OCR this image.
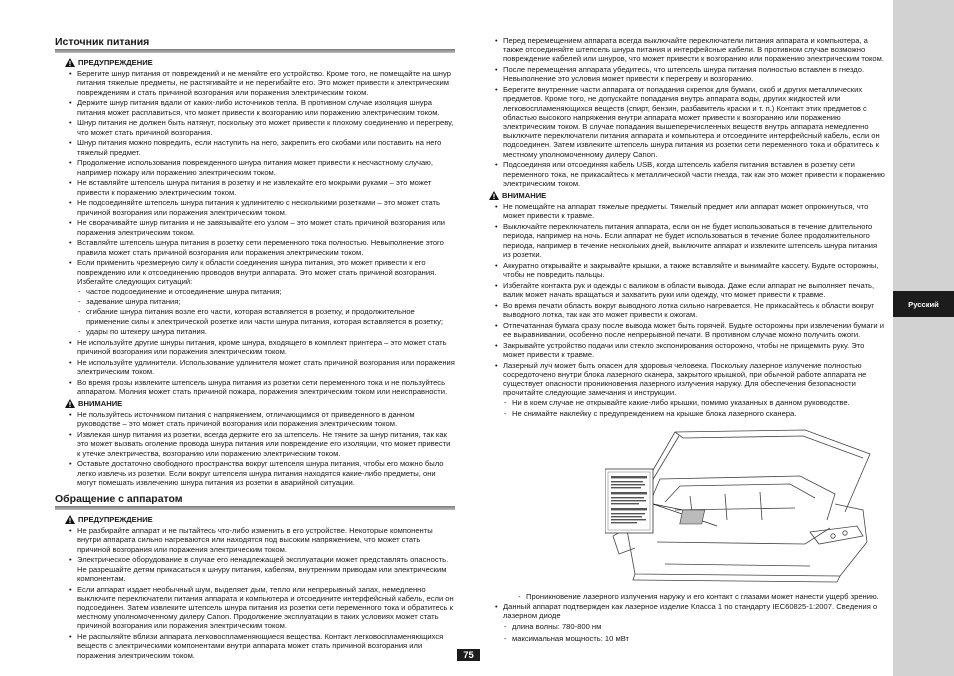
Источник питания
ПРЕДУПРЕЖДЕНИЕ
• Берегите шнур питания от повреждений и не меняйте его устройство. Кроме того, не помещайте на шнур питания тяжелые предметы, не растягивайте и не перегибайте его. Это может привести к электрическим повреждениям и стать причиной возгорания или поражения электрическим током.
• Держите шнур питания вдали от каких-либо источников тепла. В противном случае изоляция шнура питания может расплавиться, что может привести к возгоранию или поражению электрическим током.
• Шнур питания не должен быть натянут, поскольку это может привести к плохому соединению и перегреву, что может стать причиной возгорания.
• Шнур питания можно повредить, если наступить на него, закрепить его скобами или поставить на него тяжелый предмет.
• Продолжение использования поврежденного шнура питания может привести к несчастному случаю, например пожару или поражению электрическим током.
• Не вставляйте штепсель шнура питания в розетку и не извлекайте его мокрыми руками – это может привести к поражению электрическим током.
• Не подсоединяйте штепсель шнура питания к удлинителю с несколькими розетками – это может стать причиной возгорания или поражения электрическим током.
• Не сворачивайте шнур питания и не завязывайте его узлом – это может стать причиной возгорания или поражения электрическим током.
• Вставляйте штепсель шнура питания в розетку сети переменного тока полностью. Невыполнение этого правила может стать причиной возгорания или поражения электрическим током.
• Если применить чрезмерную силу к области соединения шнура питания, это может привести к его повреждению или к отсоединению проводов внутри аппарата. Это может стать причиной возгорания. Избегайте следующих ситуаций:
- частое подсоединение и отсоединение шнура питания;
- задевание шнура питания;
- сгибание шнура питания возле его части, которая вставляется в розетку, и продолжительное применение силы к электрической розетке или части шнура питания, которая вставляется в розетку;
- удары по штекеру шнура питания.
• Не используйте другие шнуры питания, кроме шнура, входящего в комплект принтера – это может стать причиной возгорания или поражения электрическим током.
• Не используйте удлинители. Использование удлинителя может стать причиной возгорания или поражения электрическим током.
• Во время грозы извлеките штепсель шнура питания из розетки сети переменного тока и не пользуйтесь аппаратом. Молния может стать причиной пожара, поражения электрическим током или неисправности.
ВНИМАНИЕ
• Не пользуйтесь источником питания с напряжением, отличающимся от приведенного в данном руководстве – это может стать причиной возгорания или поражения электрическим током.
• Извлекая шнур питания из розетки, всегда держите его за штепсель. Не тяните за шнур питания, так как это может вызвать оголение провода шнура питания или повреждение его изоляции, что может привести к утечке электричества, возгоранию или поражению электрическим током.
• Оставьте достаточно свободного пространства вокруг штепселя шнура питания, чтобы его можно было легко извлечь из розетки. Если вокруг штепселя шнура питания находятся какие-либо предметы, они могут помешать извлечению шнура питания из розетки в аварийной ситуации.
Обращение с аппаратом
ПРЕДУПРЕЖДЕНИЕ
• Не разбирайте аппарат и не пытайтесь что-либо изменить в его устройстве. Некоторые компоненты внутри аппарата сильно нагреваются или находятся под высоким напряжением, что может стать причиной возгорания или поражения электрическим током.
• Электрическое оборудование в случае его ненадлежащей эксплуатации может представлять опасность. Не разрешайте детям прикасаться к шнуру питания, кабелям, внутренним приводам или электрическим компонентам.
• Если аппарат издает необычный шум, выделяет дым, тепло или непрерывный запах, немедленно выключите переключатели питания аппарата и компьютера и отсоедините интерфейсный кабель, если он подсоединен. Затем извлеките штепсель шнура питания из розетки сети переменного тока и обратитесь к местному уполномоченному дилеру Canon. Продолжение эксплуатации в таких условиях может стать причиной возгорания или поражения электрическим током.
• Не распыляйте вблизи аппарата легковоспламеняющиеся вещества. Контакт легковоспламеняющихся веществ с электрическими компонентами внутри аппарата может стать причиной возгорания или поражения электрическим током.
• Перед перемещением аппарата всегда выключайте переключатели питания аппарата и компьютера, а также отсоединяйте штепсель шнура питания и интерфейсные кабели. В противном случае возможно повреждение кабелей или шнуров, что может привести к возгоранию или поражению электрическим током.
• После перемещения аппарата убедитесь, что штепсель шнура питания полностью вставлен в гнездо. Невыполнение это условия может привести к перегреву и возгоранию.
• Берегите внутренние части аппарата от попадания скрепок для бумаги, скоб и других металлических предметов. Кроме того, не допускайте попадания внутрь аппарата воды, других жидкостей или легковоспламеняющихся веществ (спирт, бензин, разбавитель краски и т. п.) Контакт этих предметов с областью высокого напряжения внутри аппарата может привести к возгоранию или поражению электрическим током. В случае попадания вышеперечисленных веществ внутрь аппарата немедленно выключите переключатели питания аппарата и компьютера и отсоедините интерфейсный кабель, если он подсоединен. Затем извлеките штепсель шнура питания из розетки сети переменного тока и обратитесь к местному уполномоченному дилеру Canon.
• Подсоединяя или отсоединяя кабель USB, когда штепсель кабеля питания вставлен в розетку сети переменного тока, не прикасайтесь к металлической части гнезда, так как это может привести к поражению электрическим током.
ВНИМАНИЕ
• Не помещайте на аппарат тяжелые предметы. Тяжелый предмет или аппарат может опрокинуться, что может привести к травме.
• Выключайте переключатель питания аппарата, если он не будет использоваться в течение длительного периода, например на ночь. Если аппарат не будет использоваться в течение более продолжительного периода, например в течение нескольких дней, выключите аппарат и извлеките штепсель шнура питания из розетки.
• Аккуратно открывайте и закрывайте крышки, а также вставляйте и вынимайте кассету. Будьте осторожны, чтобы не повредить пальцы.
• Избегайте контакта рук и одежды с валиком в области вывода. Даже если аппарат не выполняет печать, валик может начать вращаться и захватить руки или одежду, что может привести к травме.
• Во время печати область вокруг выводного лотка сильно нагревается. Не прикасайтесь к области вокруг выводного лотка, так как это может привести к ожогам.
• Отпечатанная бумага сразу после вывода может быть горячей. Будьте осторожны при извлечении бумаги и ее выравнивании, особенно после непрерывной печати. В противном случае можно получить ожоги.
• Закрывайте устройство подачи или стекло экспонирования осторожно, чтобы не прищемить руку. Это может привести к травме.
• Лазерный луч может быть опасен для здоровья человека. Поскольку лазерное излучение полностью сосредоточено внутри блока лазерного сканера, закрытого крышкой, при обычной работе аппарата не существует опасности проникновения лазерного излучения наружу. Для обеспечения безопасности прочитайте следующие замечания и инструкции.
- Ни в коем случае не открывайте какие-либо крышки, помимо указанных в данном руководстве.
- Не снимайте наклейку с предупреждением на крышке блока лазерного сканера.
- Проникновение лазерного излучения наружу и его контакт с глазами может нанести ущерб зрению.
• Данный аппарат подтвержден как лазерное изделие Класса 1 по стандарту IEC60825-1:2007. Сведения о лазерном диоде
- длина волны: 780-800 нм
- максимальная мощность: 10 мВт
Русский
75
